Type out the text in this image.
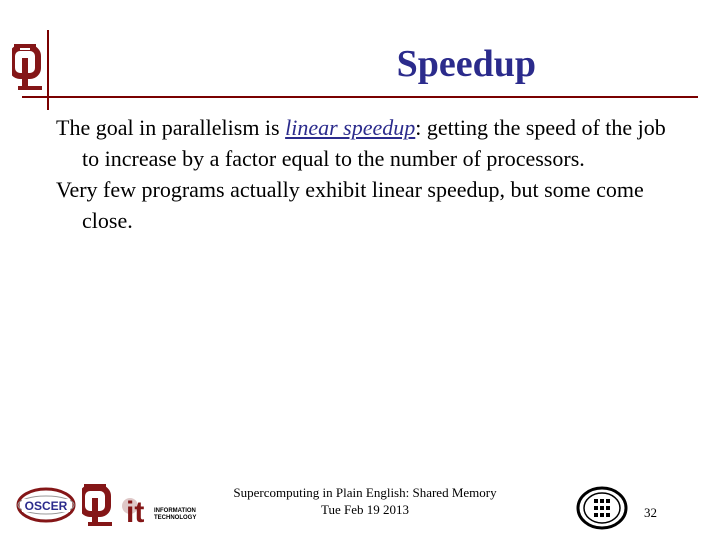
Speedup

The goal in parallelism is linear speedup: getting the speed of the job to increase by a factor equal to the number of processors.

Very few programs actually exhibit linear speedup, but some come close.

OSCER it INFORMATION
TECHNOLOGY
Supercomputing in Plain English: Shared Memory
Tue Feb 19 2013	32
